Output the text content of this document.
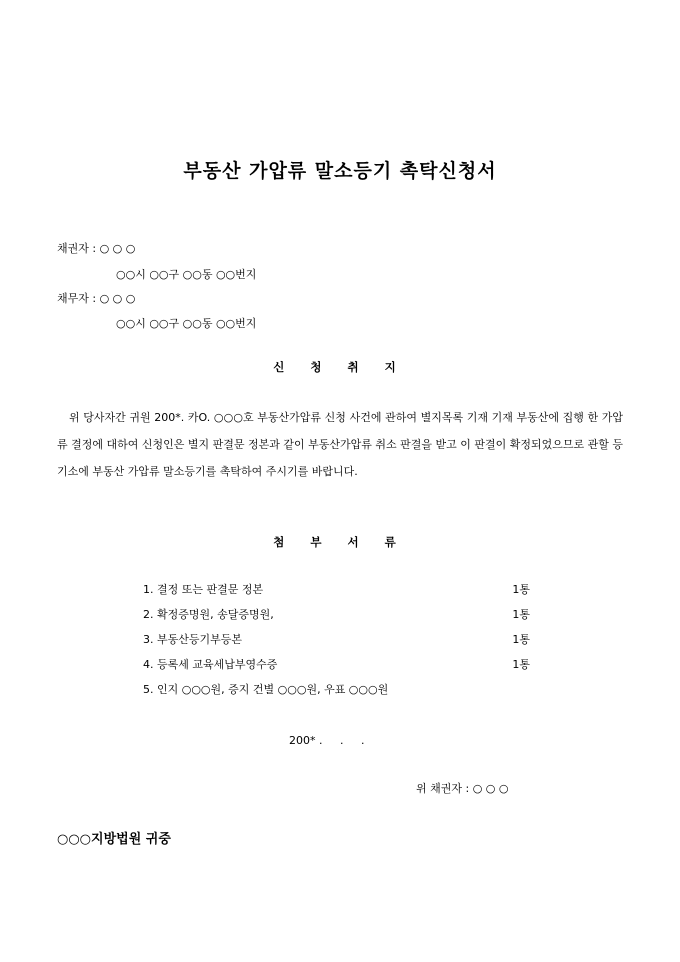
부동산 가압류 말소등기 촉탁신청서
채권자 : ○ ○ ○
○○시 ○○구 ○○동 ○○번지
채무자 : ○ ○ ○
○○시 ○○구 ○○동 ○○번지
신 청 취 지
위 당사자간 귀원 200*. 카O. ○○○호 부동산가압류 신청 사건에 관하여 별지목록 기재 기재 부동산에 집행 한 가압류 결정에 대하여 신청인은 별지 판결문 정본과 같이 부동산가압류 취소 판결을 받고 이 판결이 확정되었으므로 관할 등기소에 부동산 가압류 말소등기를 촉탁하여 주시기를 바랍니다.
첨 부 서 류
1. 결정 또는 판결문 정본	1통
2. 확정증명원, 송달증명원,	1통
3. 부동산등기부등본	1통
4. 등록세 교육세납부영수증	1통
5. 인지 ○○○원, 증지 건별 ○○○원, 우표 ○○○원
200* .     .     .
위 채권자 : ○ ○ ○
○○○지방법원 귀중
